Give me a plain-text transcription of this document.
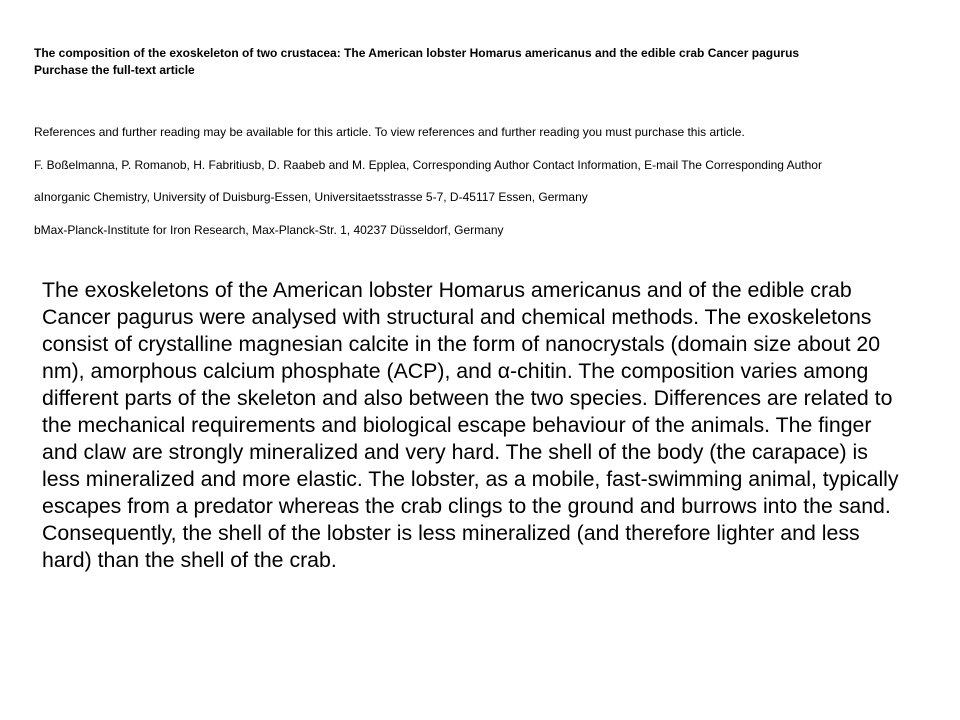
The composition of the exoskeleton of two crustacea: The American lobster Homarus americanus and the edible crab Cancer pagurus
Purchase the full-text article
References and further reading may be available for this article. To view references and further reading you must purchase this article.
F. Boßelmanna, P. Romanob, H. Fabritiusb, D. Raabeb and M. Epplea, Corresponding Author Contact Information, E-mail The Corresponding Author
aInorganic Chemistry, University of Duisburg-Essen, Universitaetsstrasse 5-7, D-45117 Essen, Germany
bMax-Planck-Institute for Iron Research, Max-Planck-Str. 1, 40237 Düsseldorf, Germany
The exoskeletons of the American lobster Homarus americanus and of the edible crab Cancer pagurus were analysed with structural and chemical methods. The exoskeletons consist of crystalline magnesian calcite in the form of nanocrystals (domain size about 20 nm), amorphous calcium phosphate (ACP), and α-chitin. The composition varies among different parts of the skeleton and also between the two species. Differences are related to the mechanical requirements and biological escape behaviour of the animals. The finger and claw are strongly mineralized and very hard. The shell of the body (the carapace) is less mineralized and more elastic. The lobster, as a mobile, fast-swimming animal, typically escapes from a predator whereas the crab clings to the ground and burrows into the sand. Consequently, the shell of the lobster is less mineralized (and therefore lighter and less hard) than the shell of the crab.
